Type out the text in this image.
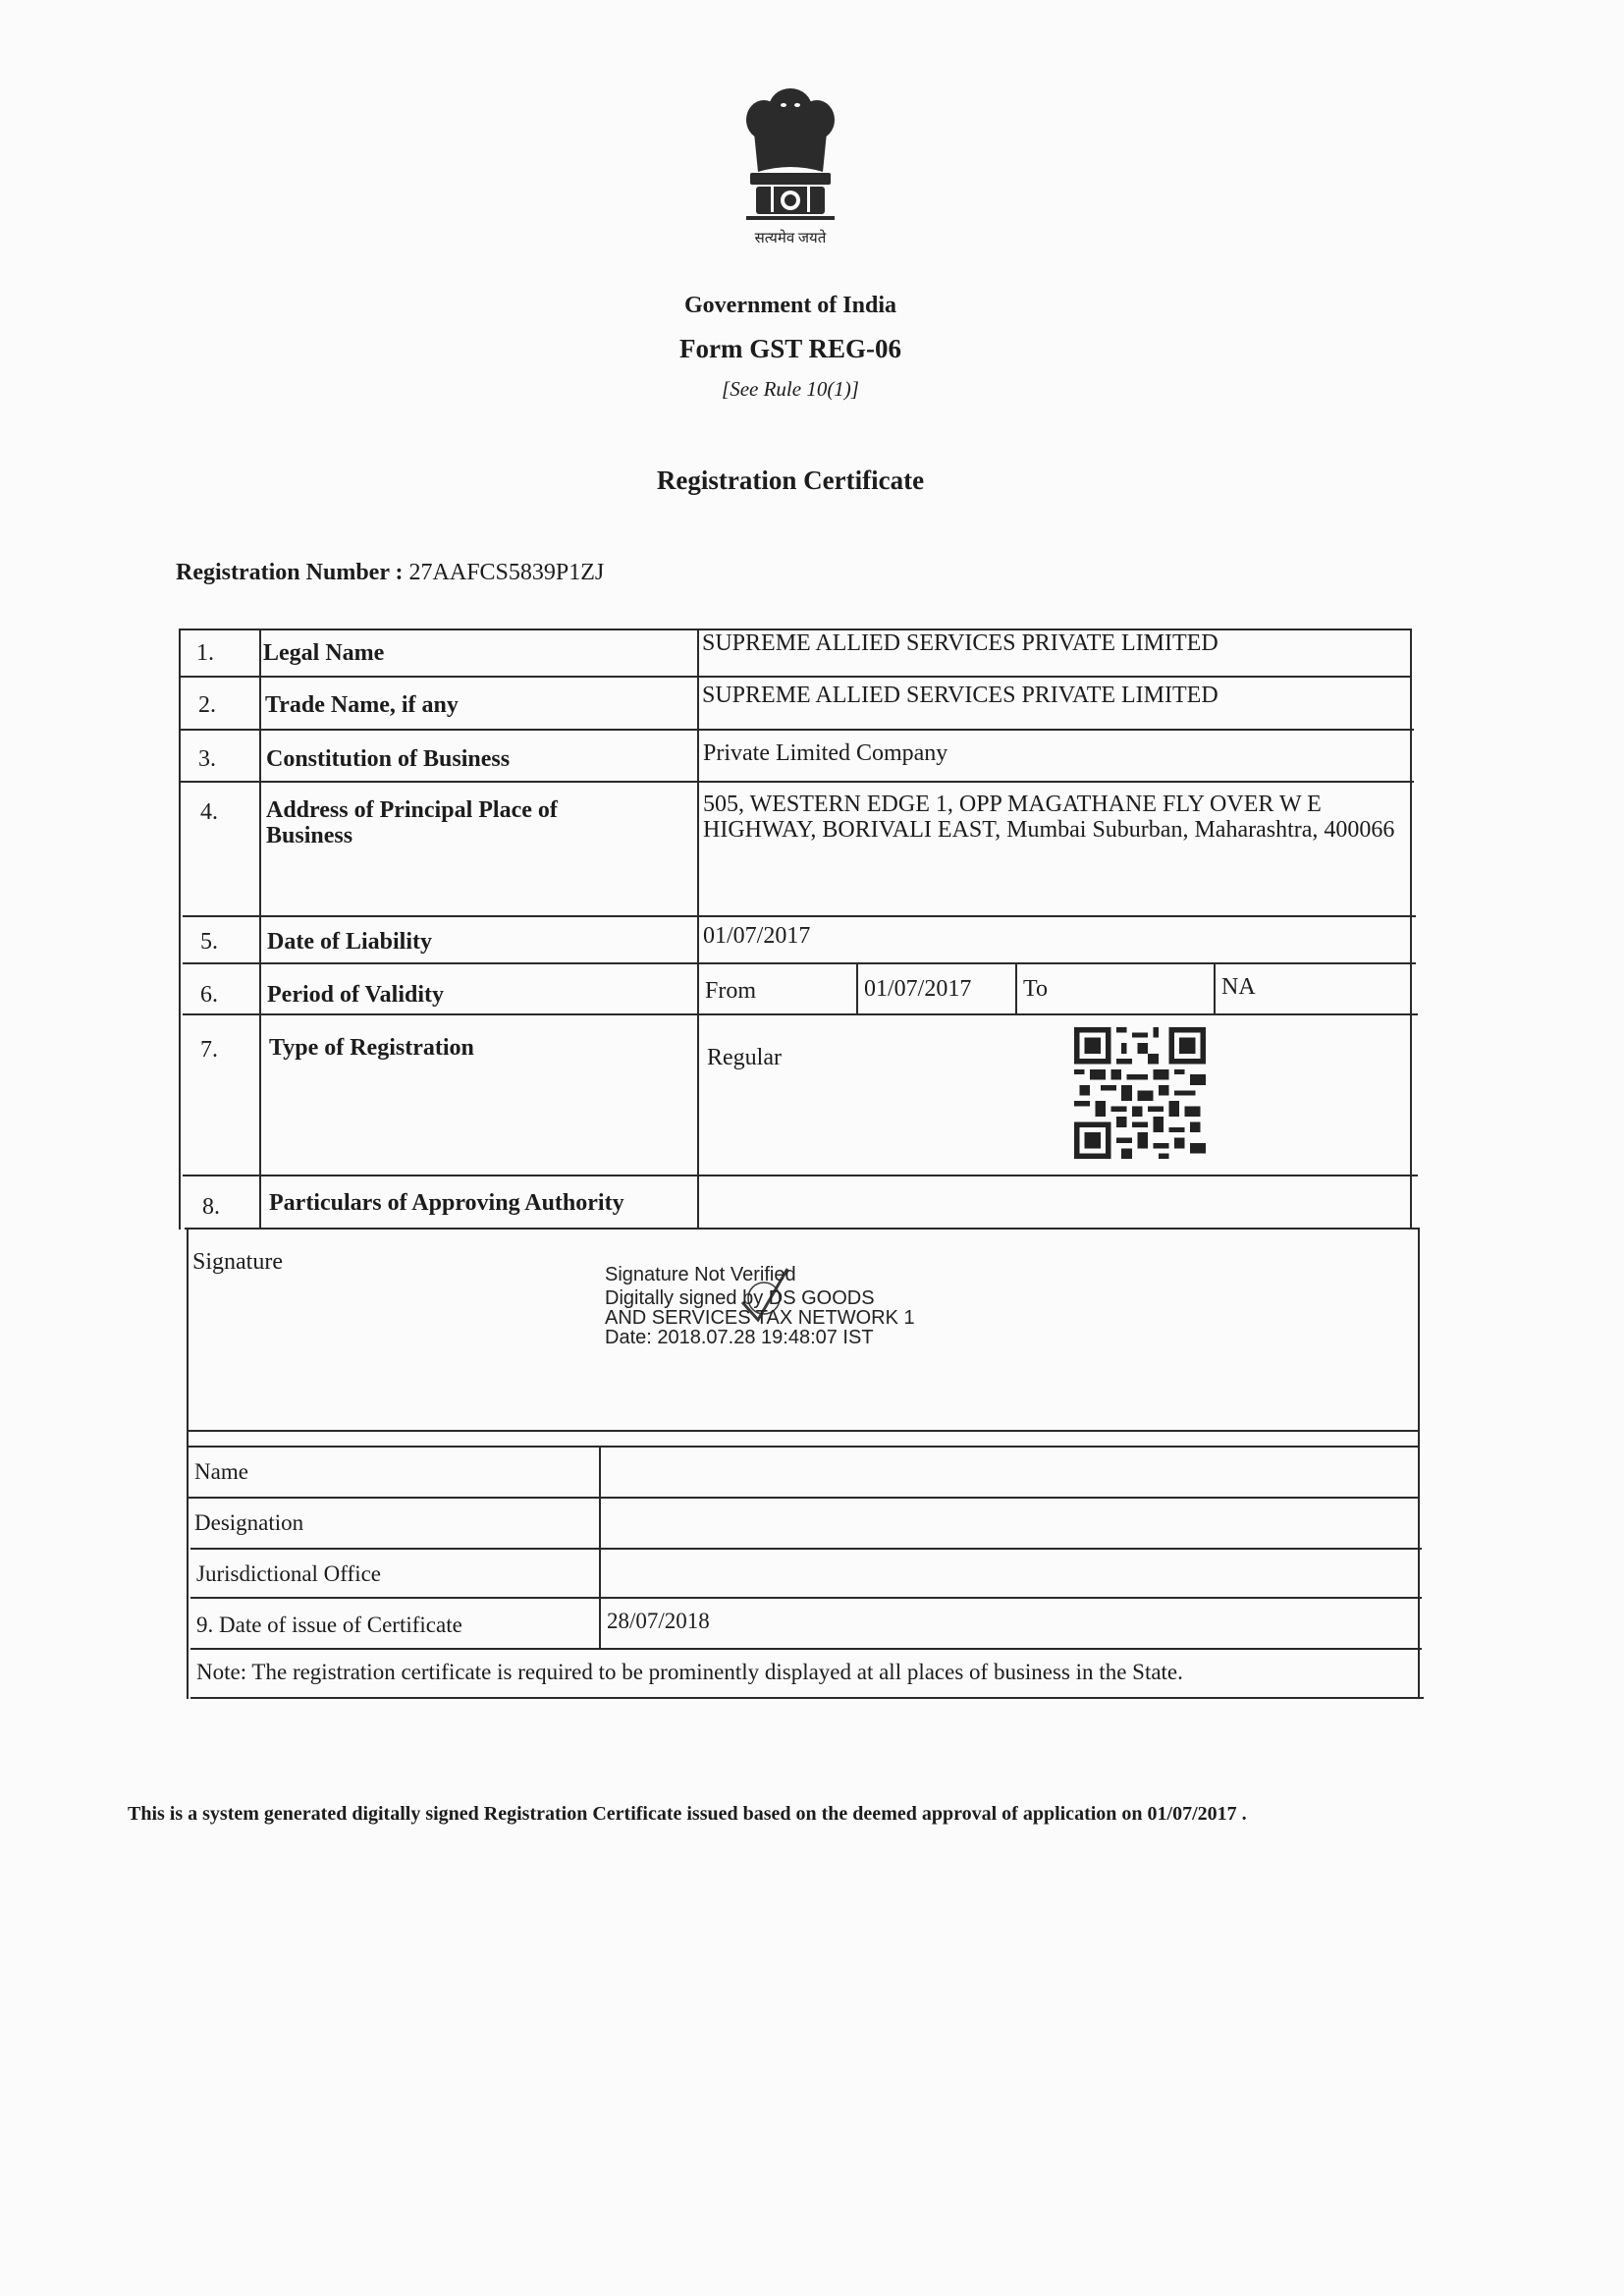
सत्यमेव जयते
Government of India
Form GST REG-06
[See Rule 10(1)]
Registration Certificate
Registration Number : 27AAFCS5839P1ZJ
1. Legal Name	SUPREME ALLIED SERVICES PRIVATE LIMITED
2. Trade Name, if any	SUPREME ALLIED SERVICES PRIVATE LIMITED
3. Constitution of Business	Private Limited Company
4. Address of Principal Place of Business
505, WESTERN EDGE 1, OPP MAGATHANE FLY OVER W E HIGHWAY, BORIVALI EAST, Mumbai Suburban, Maharashtra, 400066
5. Date of Liability	01/07/2017
6. Period of Validity	From	01/07/2017 To	NA
7. Type of Registration	Regular
8. Particulars of Approving Authority
Signature	Signature Not Verified
Digitally signed by DS GOODS
AND SERVICES TAX NETWORK 1
Date: 2018.07.28 19:48:07 IST
Name
Designation
Jurisdictional Office
9. Date of issue of Certificate	28/07/2018
Note: The registration certificate is required to be prominently displayed at all places of business in the State.
This is a system generated digitally signed Registration Certificate issued based on the deemed approval of application on 01/07/2017 .
